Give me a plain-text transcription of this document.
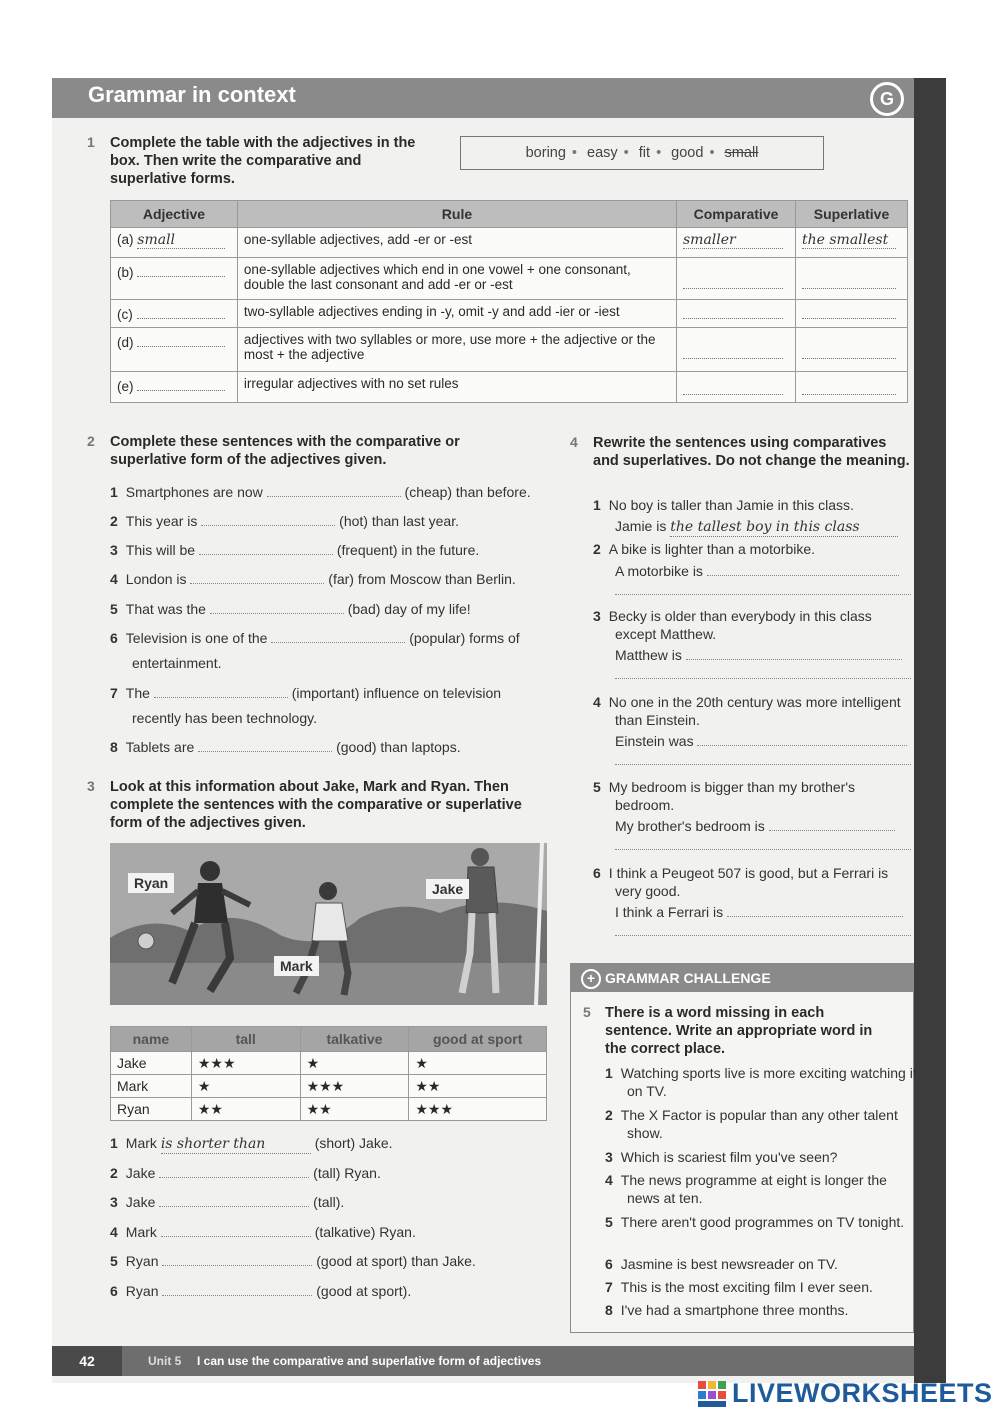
Grammar in context	G
1 Complete the table with the adjectives in the box. Then write the comparative and superlative forms.
boring • easy • fit • good • small
Adjective	Rule	Comparative	Superlative
(a) small	one-syllable adjectives, add -er or -est	smaller	the smallest
(b)	one-syllable adjectives which end in one vowel + one consonant, double the last consonant and add -er or -est		
(c)	two-syllable adjectives ending in -y, omit -y and add -ier or -iest		
(d)	adjectives with two syllables or more, use more + the adjective or the most + the adjective		
(e)	irregular adjectives with no set rules		
2 Complete these sentences with the comparative or superlative form of the adjectives given.
1 Smartphones are now	(cheap) than before.
2 This year is	(hot) than last year.
3 This will be	(frequent) in the future.
4 London is	(far) from Moscow than Berlin.
5 That was the	(bad) day of my life!
6 Television is one of the	(popular) forms of
entertainment.
7 The	(important) influence on television
recently has been technology.
8 Tablets are	(good) than laptops.
3 Look at this information about Jake, Mark and Ryan. Then complete the sentences with the comparative or superlative form of the adjectives given.
Ryan	Jake
Mark
name	tall	talkative	good at sport
Jake	★★★	★	★
Mark	★	★★★	★★
Ryan	★★	★★	★★★
1 Mark is shorter than	(short) Jake.
2 Jake	(tall) Ryan.
3 Jake	(tall).
4 Mark	(talkative) Ryan.
5 Ryan	(good at sport) than Jake.
6 Ryan	(good at sport).
4 Rewrite the sentences using comparatives and superlatives. Do not change the meaning.
1 No boy is taller than Jamie in this class.
Jamie is the tallest boy in this class
2 A bike is lighter than a motorbike.
A motorbike is
3 Becky is older than everybody in this class except Matthew.
Matthew is
4 No one in the 20th century was more intelligent than Einstein.
Einstein was
5 My bedroom is bigger than my brother's bedroom.
My brother's bedroom is
6 I think a Peugeot 507 is good, but a Ferrari is very good.
I think a Ferrari is
+ GRAMMAR CHALLENGE
5 There is a word missing in each sentence. Write an appropriate word in the correct place.
1 Watching sports live is more exciting watching it on TV.
2 The X Factor is popular than any other talent show.
3 Which is scariest film you've seen?
4 The news programme at eight is longer the news at ten.
5 There aren't good programmes on TV tonight.
6 Jasmine is best newsreader on TV.
7 This is the most exciting film I ever seen.
8 I've had a smartphone three months.
42	Unit 5 I can use the comparative and superlative form of adjectives
LIVEWORKSHEETS
